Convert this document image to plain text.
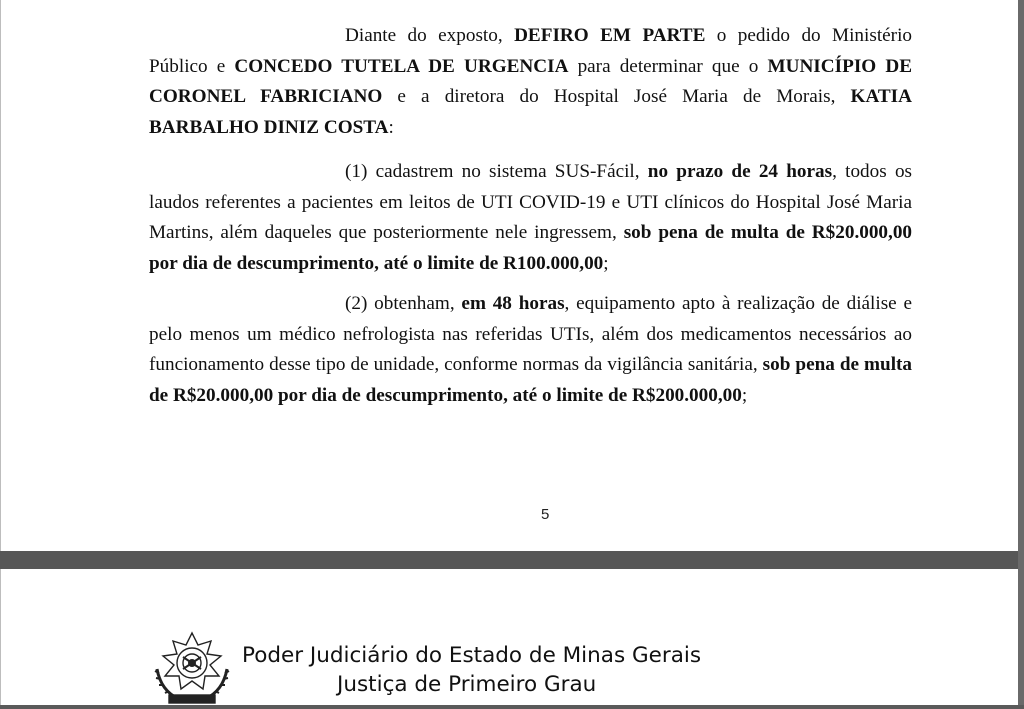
Diante do exposto, DEFIRO EM PARTE o pedido do Ministério Público e CONCEDO TUTELA DE URGENCIA para determinar que o MUNICÍPIO DE CORONEL FABRICIANO e a diretora do Hospital José Maria de Morais, KATIA BARBALHO DINIZ COSTA:

(1) cadastrem no sistema SUS-Fácil, no prazo de 24 horas, todos os laudos referentes a pacientes em leitos de UTI COVID-19 e UTI clínicos do Hospital José Maria Martins, além daqueles que posteriormente nele ingressem, sob pena de multa de R$20.000,00 por dia de descumprimento, até o limite de R100.000,00;

(2) obtenham, em 48 horas, equipamento apto à realização de diálise e pelo menos um médico nefrologista nas referidas UTIs, além dos medicamentos necessários ao funcionamento desse tipo de unidade, conforme normas da vigilância sanitária, sob pena de multa de R$20.000,00 por dia de descumprimento, até o limite de R$200.000,00;

5
Poder Judiciário do Estado de Minas Gerais
Justiça de Primeiro Grau
